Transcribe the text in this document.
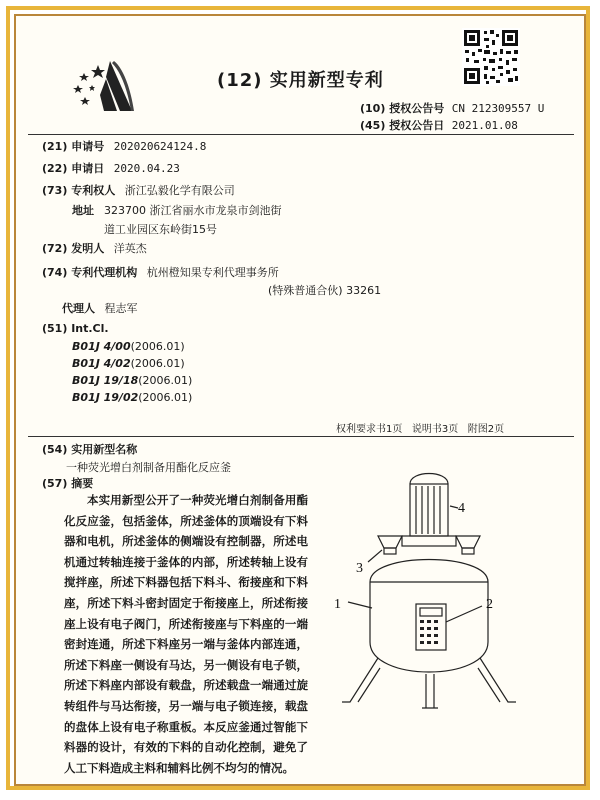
(12) 实用新型专利
(10) 授权公告号 CN 212309557 U
(45) 授权公告日 2021.01.08
(21) 申请号 202020624124.8
(22) 申请日 2020.04.23
(73) 专利权人 浙江弘毅化学有限公司
地址 323700 浙江省丽水市龙泉市剑池街
道工业园区东岭街15号
(72) 发明人 洋英杰
(74) 专利代理机构 杭州橙知果专利代理事务所
(特殊普通合伙) 33261
代理人 程志军
(51) Int.Cl.
B01J 4/00(2006.01)
B01J 4/02(2006.01)
B01J 19/18(2006.01)
B01J 19/02(2006.01)
权利要求书1页   说明书3页   附图2页
(54) 实用新型名称
一种荧光增白剂制备用酯化反应釜
(57) 摘要

本实用新型公开了一种荧光增白剂制备用酯化反应釜，包括釜体，所述釜体的顶端设有下料器和电机，所述釜体的侧端设有控制器，所述电机通过转轴连接于釜体的内部，所述转轴上设有搅拌座，所述下料器包括下料斗、衔接座和下料座，所述下料斗密封固定于衔接座上，所述衔接座上设有电子阀门，所述衔接座与下料座的一端密封连通，所述下料座另一端与釜体内部连通，所述下料座一侧设有马达，另一侧设有电子锁，所述下料座内部设有载盘，所述载盘一端通过旋转组件与马达衔接，另一端与电子锁连接，载盘的盘体上设有电子称重板。本反应釜通过智能下料器的设计，有效的下料的自动化控制，避免了人工下料造成主料和辅料比例不均匀的情况。

1	2
3
4
